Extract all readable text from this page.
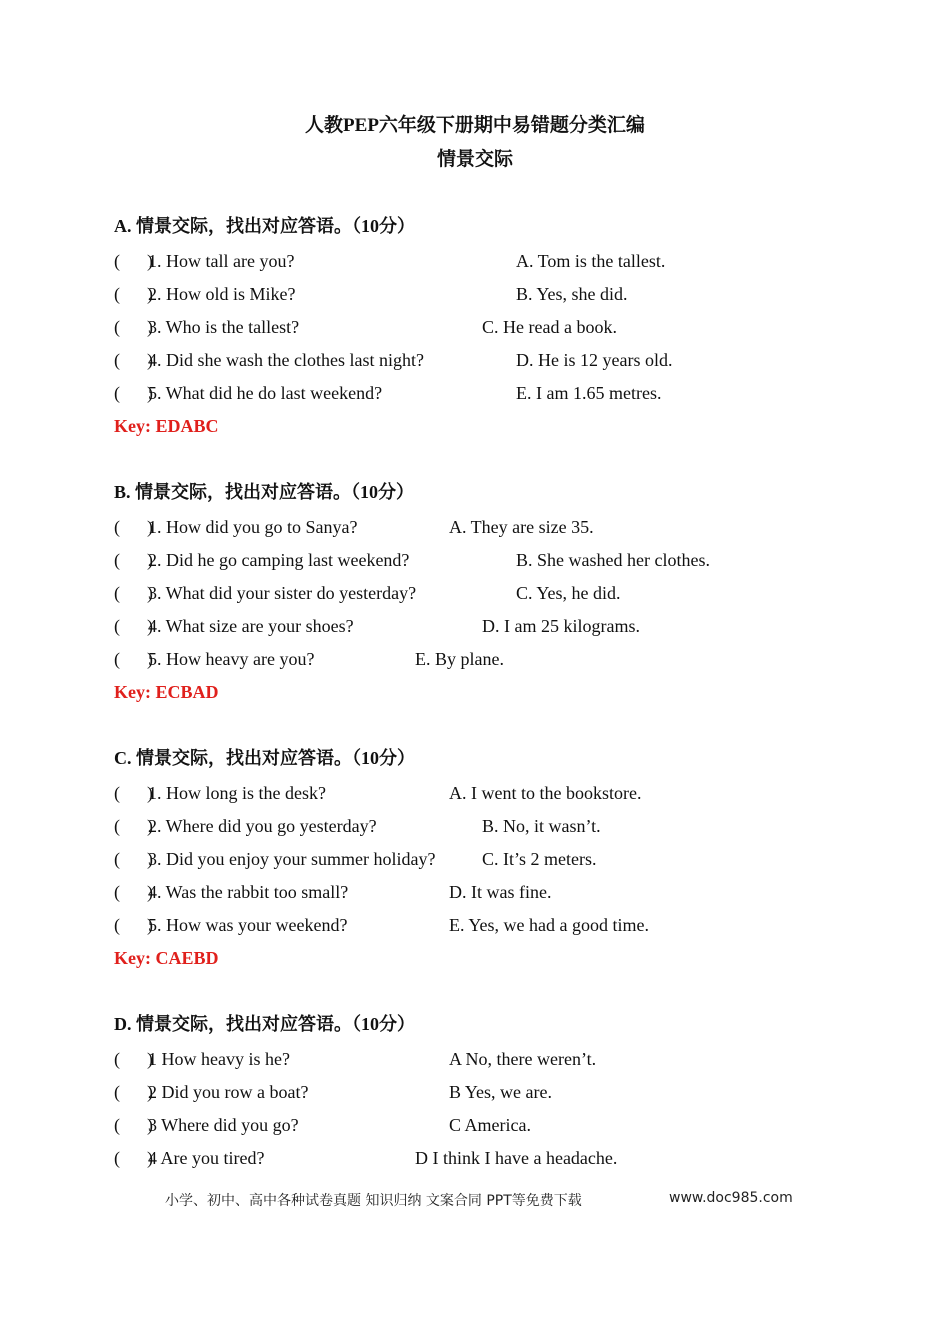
人教PEP六年级下册期中易错题分类汇编
情景交际
A. 情景交际，找出对应答语。（10分）
(      )
1. How tall are you?	A. Tom is the tallest.
(      )
2. How old is Mike?	B. Yes, she did.
(      )
3. Who is the tallest?	C. He read a book.
(      )
4. Did she wash the clothes last night?	D. He is 12 years old.
(      )
5. What did he do last weekend?	E. I am 1.65 metres.
Key: EDABC
B. 情景交际，找出对应答语。（10分）
(      )
1. How did you go to Sanya?	A. They are size 35.
(      )
2. Did he go camping last weekend?	B. She washed her clothes.
(      )
3. What did your sister do yesterday?	C. Yes, he did.
(      )
4. What size are your shoes?	D. I am 25 kilograms.
(      )
5. How heavy are you?	E. By plane.
Key: ECBAD
C. 情景交际，找出对应答语。（10分）
(      )
1. How long is the desk?	A. I went to the bookstore.
(      )
2. Where did you go yesterday?	B. No, it wasn’t.
(      )
3. Did you enjoy your summer holiday?	C. It’s 2 meters.
(      )
4. Was the rabbit too small?	D. It was fine.
(      )
5. How was your weekend?	E. Yes, we had a good time.
Key: CAEBD
D. 情景交际，找出对应答语。（10分）
(      )
1 How heavy is he?	A No, there weren’t.
(      )
2 Did you row a boat?	B Yes, we are.
(      )
3 Where did you go?	C America.
(      )
4 Are you tired?	D I think I have a headache.
小学、初中、高中各种试卷真题 知识归纳 文案合同 PPT等免费下载	www.doc985.com
